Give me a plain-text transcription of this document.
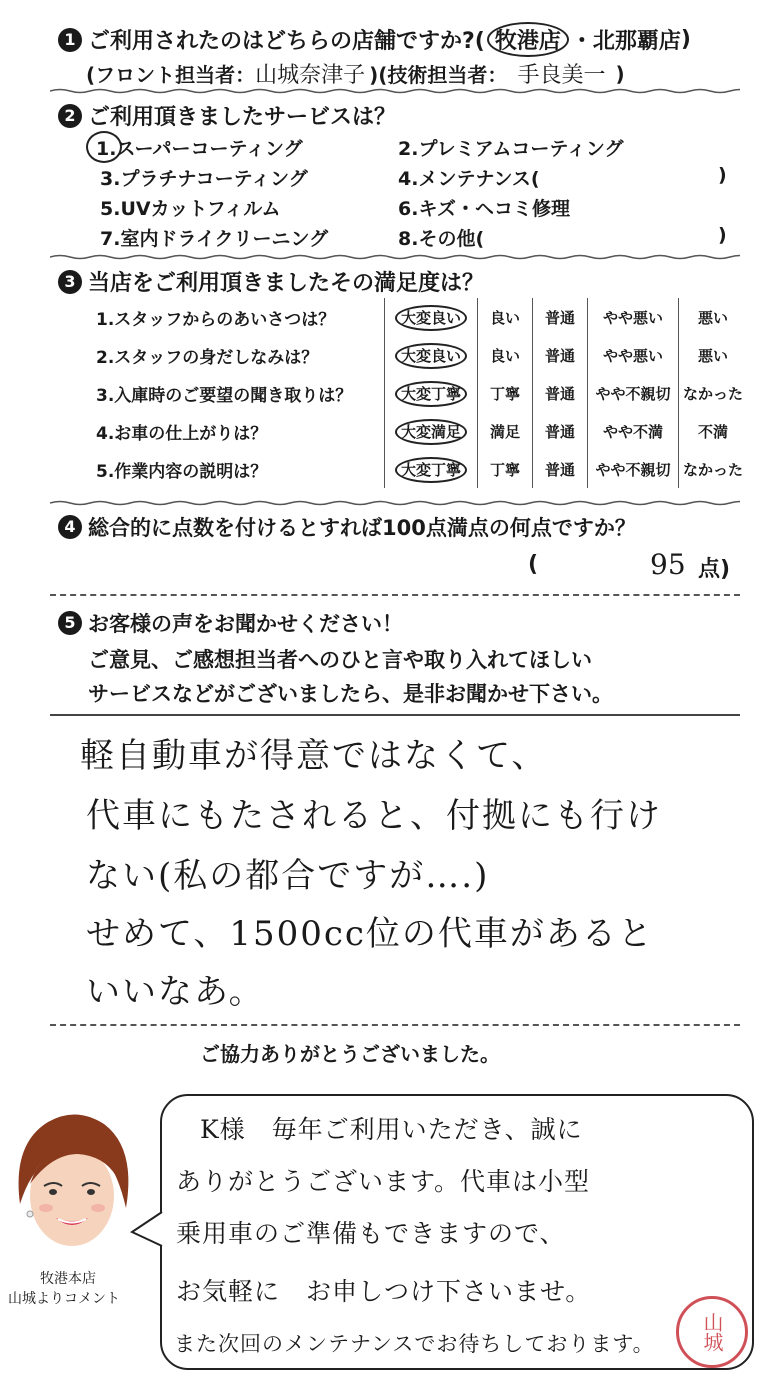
1 ご利用されたのはどちらの店舗ですか?( 牧港店 ・ 北那覇店 )
(フロント担当者： 山城奈津子 )(技術担当者： 手良美一 )
2 ご利用頂きましたサービスは？
1.スーパーコーティング	2.プレミアムコーティング
3.プラチナコーティング	4.メンテナンス(	)
5.UVカットフィルム	6.キズ・ヘコミ修理
7.室内ドライクリーニング	8.その他(	)
3 当店をご利用頂きましたその満足度は？
1.スタッフからのあいさつは？	大変良い	良い	普通	やや悪い	悪い
2.スタッフの身だしなみは？	大変良い	良い	普通	やや悪い	悪い
3.入庫時のご要望の聞き取りは？	大変丁寧	丁寧	普通	やや不親切	なかった
4.お車の仕上がりは？	大変満足	満足	普通	やや不満	不満
5.作業内容の説明は？	大変丁寧	丁寧	普通	やや不親切	なかった
4 総合的に点数を付けるとすれば100点満点の何点ですか？
(	95 点)
5 お客様の声をお聞かせください！
ご意見、ご感想担当者へのひと言や取り入れてほしい
サービスなどがございましたら、是非お聞かせ下さい。
軽自動車が得意ではなくて、
代車にもたされると、付拠にも行け
ない(私の都合ですが….)
せめて、1500cc位の代車があると
いいなあ。
ご協力ありがとうございました。
牧港本店
山城よりコメント
K様　毎年ご利用いただき、誠に
ありがとうございます。代車は小型
乗用車のご準備もできますので、
お気軽に　お申しつけ下さいませ。
また次回のメンテナンスでお待ちしております。 山城
